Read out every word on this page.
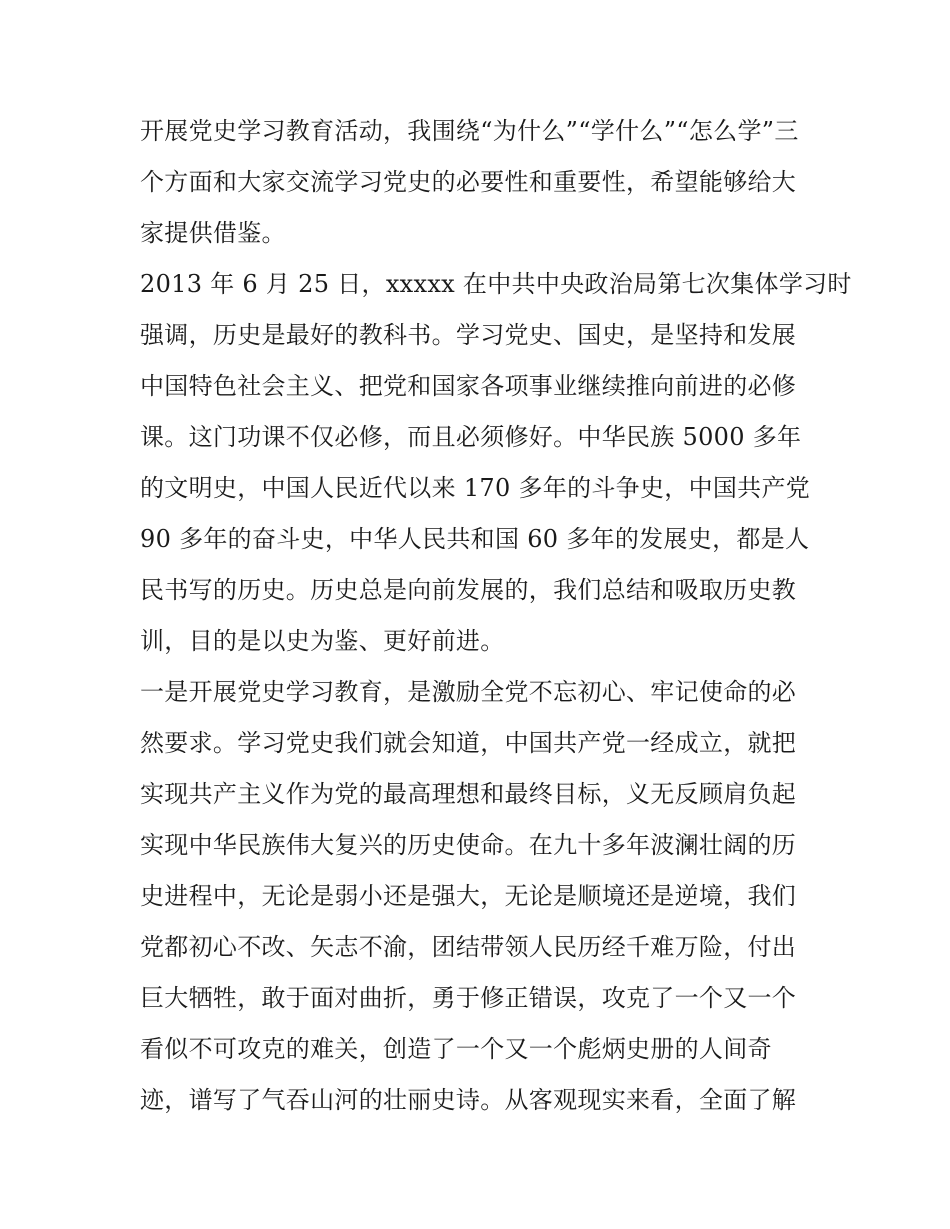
开展党史学习教育活动，我围绕“为什么”“学什么”“怎么学”三
个方面和大家交流学习党史的必要性和重要性，希望能够给大
家提供借鉴。
2013 年 6 月 25 日，xxxxx 在中共中央政治局第七次集体学习时
强调，历史是最好的教科书。学习党史、国史，是坚持和发展
中国特色社会主义、把党和国家各项事业继续推向前进的必修
课。这门功课不仅必修，而且必须修好。中华民族 5000 多年
的文明史，中国人民近代以来 170 多年的斗争史，中国共产党
90 多年的奋斗史，中华人民共和国 60 多年的发展史，都是人
民书写的历史。历史总是向前发展的，我们总结和吸取历史教
训，目的是以史为鉴、更好前进。
一是开展党史学习教育，是激励全党不忘初心、牢记使命的必
然要求。学习党史我们就会知道，中国共产党一经成立，就把
实现共产主义作为党的最高理想和最终目标，义无反顾肩负起
实现中华民族伟大复兴的历史使命。在九十多年波澜壮阔的历
史进程中，无论是弱小还是强大，无论是顺境还是逆境，我们
党都初心不改、矢志不渝，团结带领人民历经千难万险，付出
巨大牺牲，敢于面对曲折，勇于修正错误，攻克了一个又一个
看似不可攻克的难关，创造了一个又一个彪炳史册的人间奇
迹，谱写了气吞山河的壮丽史诗。从客观现实来看，全面了解
